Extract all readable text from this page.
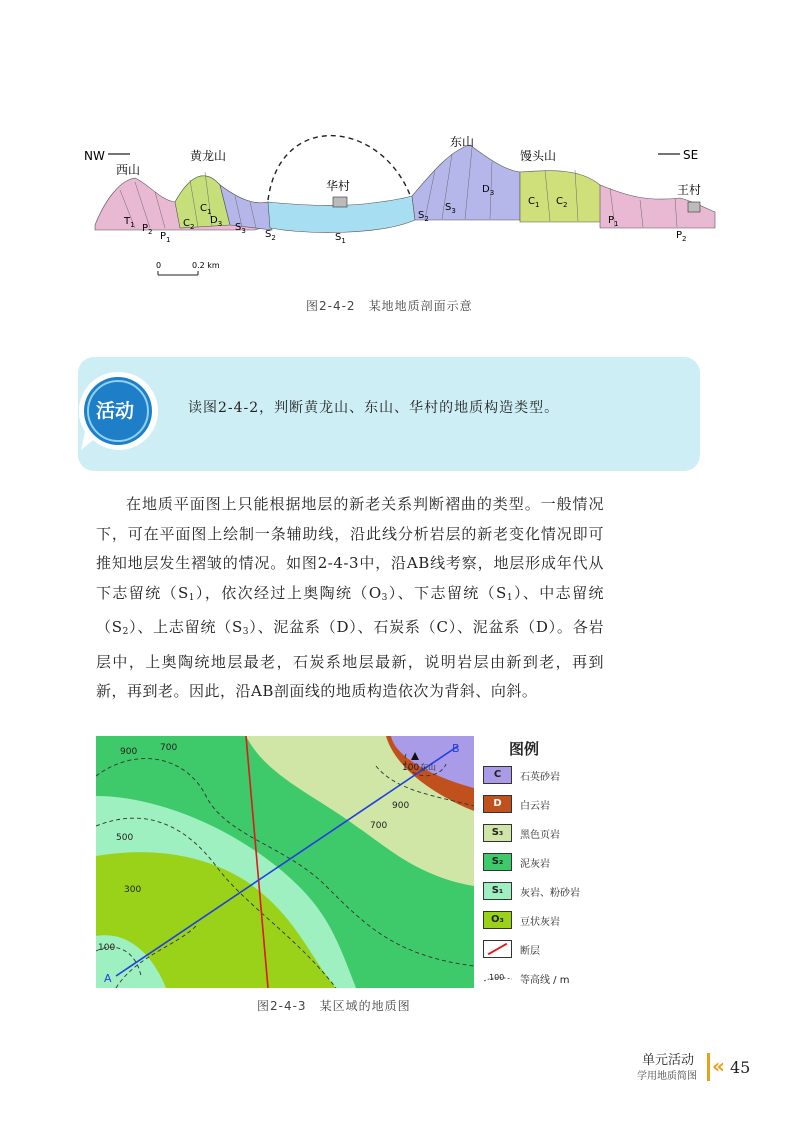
NW	SE
西山
黄龙山
东山
馒头山
华村	王村
$T_1$ $P_2$ $P_1$
$C_1$
$C_2$
$D_3$ $S_3$ $S_2$	$S_1$
$S_2$
$S_3$
$D_3$
$C_1$ $C_2$
$P_1$
$P_2$
0	0.2 km
图2-4-2　某地地质剖面示意
活动	读图2-4-2，判断黄龙山、东山、华村的地质构造类型。

在地质平面图上只能根据地层的新老关系判断褶曲的类型。一般情况下，可在平面图上绘制一条辅助线，沿此线分析岩层的新老变化情况即可推知地层发生褶皱的情况。如图2-4-3中，沿AB线考察，地层形成年代从下志留统$(S_1)$，依次经过上奥陶统$(O_3)$、下志留统$(S_1)$、中志留统$(S_2)$、上志留统$(S_3)$、泥盆系（D）、石炭系（C）、泥盆系（D）。各岩层中，上奥陶统地层最老，石炭系地层最新，说明岩层由新到老，再到新，再到老。因此，沿AB剖面线的地质构造依次为背斜、向斜。

900	700
500
300
100
100
900
700
A
B
东山
图2-4-3　某区域的地质图
图例
C	石英砂岩
D	白云岩
S₃	黑色页岩
S₂	泥灰岩
S₁	灰岩、粉砂岩
O₃	豆状灰岩
断层
100 等高线 / m
单元活动
学用地质简图 « 45
